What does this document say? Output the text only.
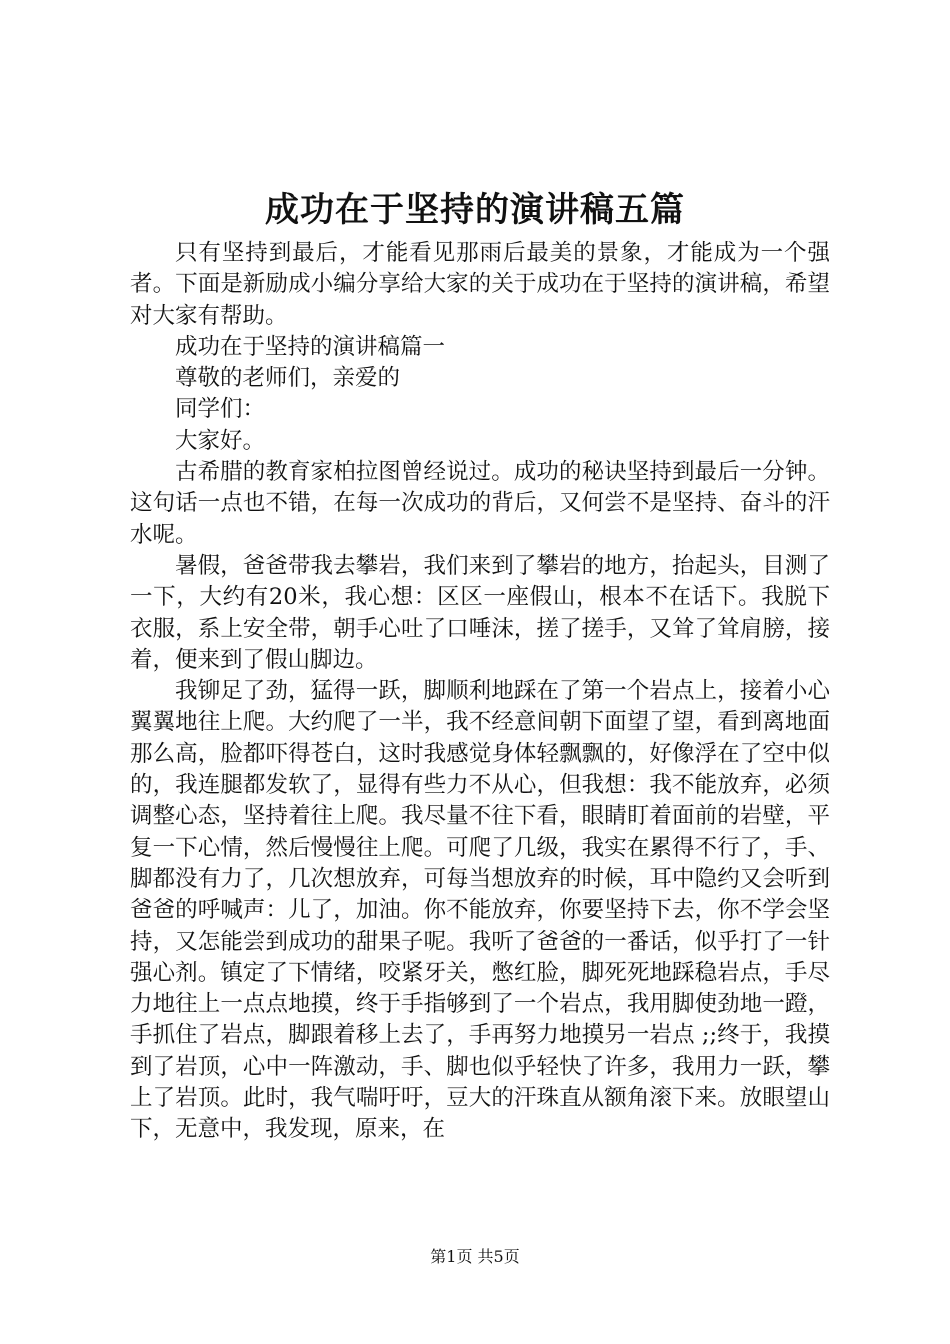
成功在于坚持的演讲稿五篇

只有坚持到最后，才能看见那雨后最美的景象，才能成为一个强者。下面是新励成小编分享给大家的关于成功在于坚持的演讲稿，希望对大家有帮助。

成功在于坚持的演讲稿篇一

尊敬的老师们，亲爱的

同学们：

大家好。

古希腊的教育家柏拉图曾经说过。成功的秘诀坚持到最后一分钟。这句话一点也不错，在每一次成功的背后，又何尝不是坚持、奋斗的汗水呢。

暑假，爸爸带我去攀岩，我们来到了攀岩的地方，抬起头，目测了一下，大约有20米，我心想：区区一座假山，根本不在话下。我脱下衣服，系上安全带，朝手心吐了口唾沫，搓了搓手，又耸了耸肩膀，接着，便来到了假山脚边。

我铆足了劲，猛得一跃，脚顺利地踩在了第一个岩点上，接着小心翼翼地往上爬。大约爬了一半，我不经意间朝下面望了望，看到离地面那么高，脸都吓得苍白，这时我感觉身体轻飘飘的，好像浮在了空中似的，我连腿都发软了，显得有些力不从心，但我想：我不能放弃，必须调整心态，坚持着往上爬。我尽量不往下看，眼睛盯着面前的岩壁，平复一下心情，然后慢慢往上爬。可爬了几级，我实在累得不行了，手、脚都没有力了，几次想放弃，可每当想放弃的时候，耳中隐约又会听到爸爸的呼喊声：儿了，加油。你不能放弃，你要坚持下去，你不学会坚持，又怎能尝到成功的甜果子呢。我听了爸爸的一番话，似乎打了一针强心剂。镇定了下情绪，咬紧牙关，憋红脸，脚死死地踩稳岩点，手尽力地往上一点点地摸，终于手指够到了一个岩点，我用脚使劲地一蹬，手抓住了岩点，脚跟着移上去了，手再努力地摸另一岩点 ;;终于，我摸到了岩顶，心中一阵激动，手、脚也似乎轻快了许多，我用力一跃，攀上了岩顶。此时，我气喘吁吁，豆大的汗珠直从额角滚下来。放眼望山下，无意中，我发现，原来，在

第1页 共5页
